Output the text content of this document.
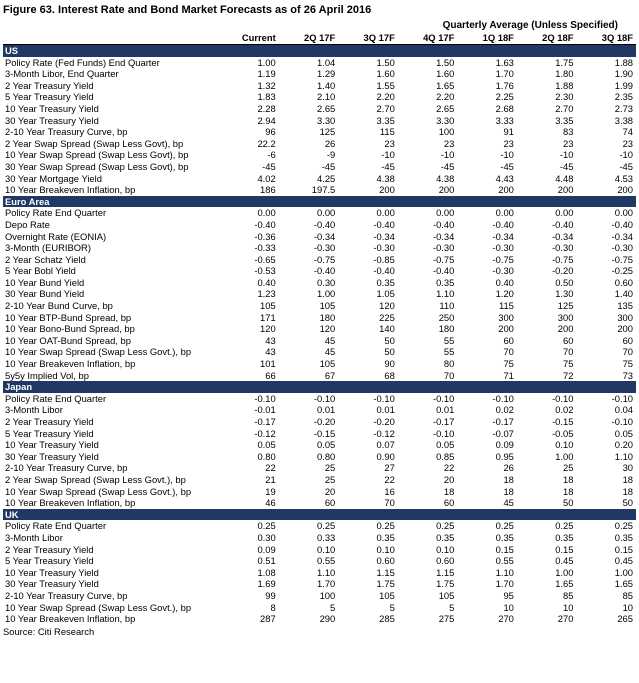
Figure 63. Interest Rate and Bond Market Forecasts as of 26 April 2016
Quarterly Average (Unless Specified)
	Current	2Q 17F	3Q 17F	4Q 17F	1Q 18F	2Q 18F	3Q 18F
US							
Policy Rate (Fed Funds) End Quarter	1.00	1.04	1.50	1.50	1.63	1.75	1.88
3-Month Libor, End Quarter	1.19	1.29	1.60	1.60	1.70	1.80	1.90
2 Year Treasury Yield	1.32	1.40	1.55	1.65	1.76	1.88	1.99
5 Year Treasury Yield	1.83	2.10	2.20	2.20	2.25	2.30	2.35
10 Year Treasury Yield	2.28	2.65	2.70	2.65	2.68	2.70	2.73
30 Year Treasury Yield	2.94	3.30	3.35	3.30	3.33	3.35	3.38
2-10 Year Treasury Curve, bp	96	125	115	100	91	83	74
2 Year Swap Spread (Swap Less Govt), bp	22.2	26	23	23	23	23	23
10 Year Swap Spread (Swap Less Govt), bp	-6	-9	-10	-10	-10	-10	-10
30 Year Swap Spread (Swap Less Govt), bp	-45	-45	-45	-45	-45	-45	-45
30 Year Mortgage Yield	4.02	4.25	4.38	4.38	4.43	4.48	4.53
10 Year Breakeven Inflation, bp	186	197.5	200	200	200	200	200
Euro Area							
Policy Rate End Quarter	0.00	0.00	0.00	0.00	0.00	0.00	0.00
Depo Rate	-0.40	-0.40	-0.40	-0.40	-0.40	-0.40	-0.40
Overnight Rate (EONIA)	-0.36	-0.34	-0.34	-0.34	-0.34	-0.34	-0.34
3-Month (EURIBOR)	-0.33	-0.30	-0.30	-0.30	-0.30	-0.30	-0.30
2 Year Schatz Yield	-0.65	-0.75	-0.85	-0.75	-0.75	-0.75	-0.75
5 Year Bobl Yield	-0.53	-0.40	-0.40	-0.40	-0.30	-0.20	-0.25
10 Year Bund Yield	0.40	0.30	0.35	0.35	0.40	0.50	0.60
30 Year Bund Yield	1.23	1.00	1.05	1.10	1.20	1.30	1.40
2-10 Year Bund Curve, bp	105	105	120	110	115	125	135
10 Year BTP-Bund Spread, bp	171	180	225	250	300	300	300
10 Year Bono-Bund Spread, bp	120	120	140	180	200	200	200
10 Year OAT-Bund Spread, bp	43	45	50	55	60	60	60
10 Year Swap Spread (Swap Less Govt.), bp	43	45	50	55	70	70	70
10 Year Breakeven Inflation, bp	101	105	90	80	75	75	75
5y5y Implied Vol, bp	66	67	68	70	71	72	73
Japan							
Policy Rate End Quarter	-0.10	-0.10	-0.10	-0.10	-0.10	-0.10	-0.10
3-Month Libor	-0.01	0.01	0.01	0.01	0.02	0.02	0.04
2 Year Treasury Yield	-0.17	-0.20	-0.20	-0.17	-0.17	-0.15	-0.10
5 Year Treasury Yield	-0.12	-0.15	-0.12	-0.10	-0.07	-0.05	0.05
10 Year Treasury Yield	0.05	0.05	0.07	0.05	0.09	0.10	0.20
30 Year Treasury Yield	0.80	0.80	0.90	0.85	0.95	1.00	1.10
2-10 Year Treasury Curve, bp	22	25	27	22	26	25	30
2 Year Swap Spread (Swap Less Govt.), bp	21	25	22	20	18	18	18
10 Year Swap Spread (Swap Less Govt.), bp	19	20	16	18	18	18	18
10 Year Breakeven Inflation, bp	46	60	70	60	45	50	50
UK							
Policy Rate End Quarter	0.25	0.25	0.25	0.25	0.25	0.25	0.25
3-Month Libor	0.30	0.33	0.35	0.35	0.35	0.35	0.35
2 Year Treasury Yield	0.09	0.10	0.10	0.10	0.15	0.15	0.15
5 Year Treasury Yield	0.51	0.55	0.60	0.60	0.55	0.45	0.45
10 Year Treasury Yield	1.08	1.10	1.15	1.15	1.10	1.00	1.00
30 Year Treasury Yield	1.69	1.70	1.75	1.75	1.70	1.65	1.65
2-10 Year Treasury Curve, bp	99	100	105	105	95	85	85
10 Year Swap Spread (Swap Less Govt.), bp	8	5	5	5	10	10	10
10 Year Breakeven Inflation, bp	287	290	285	275	270	270	265
Source: Citi Research
